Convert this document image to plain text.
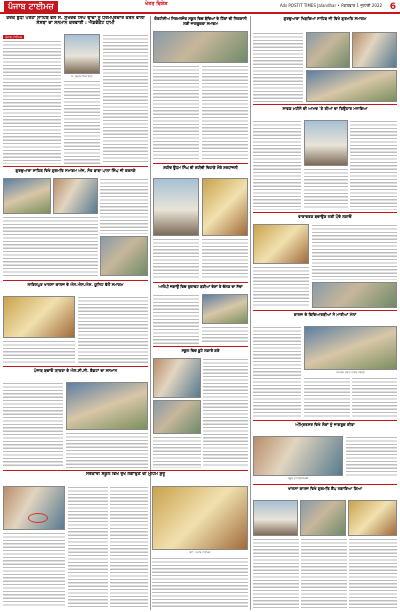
ਪੰਜਾਬ ਟਾਈਮਜ਼	ਖੇਤਰ ਵਿਸ਼ੇਸ਼	Ads POSTIT TIMES Jalandhar • ਮੰਗਲਵਾਰ 1 ਜੁਲਾਈ 2022 6
ਤਰਕ ਬੁੱਧੀ ਪਰਤਾ ਸਾਹਿਬ ਵੱਲੋਂ ਸ. ਸੁਖਦੇਵ ਸਿੰਘ ਢਾਂਚਾ ਨੂੰ ਧਰਮਪ੍ਰਚਾਰ ਕਰਨ ਵਾਲੀ ਸੰਸਥਾ ਦਾ ਸਨਮਾਨ ਕਰਵਾਈ : ਐਡਵੋਕੇਟ ਧਾਮੀ
ਪੰਜਾਬ ਟਾਈਮਜ਼
ਸ. ਸੁਖਦੇਵ ਸਿੰਘ ਢਾਂਚਾ
ਗੁਰਦੁਆਰਾ ਸਾਹਿਬ ਵਿਖੇ ਗੁਰਮਤਿ ਸਮਾਗਮ ਅੱਜ, ਸੰਤ ਬਾਬਾ ਪਾਲਾ ਸਿੰਘ ਜੀ ਕਰਨਗੇ
ਲਾਇਲਪੁਰ ਖਾਲਸਾ ਕਾਲਜ ਦੇ ਐਨ.ਐਸ.ਐਸ. ਯੂਨਿਟ ਵੱਲੋਂ ਸਮਾਗਮ
ਪੰਜਾਬ ਬਚਾਓ ਯਾਤਰਾ ਦੇ ਐਨ.ਸੀ.ਸੀ. ਕੈਡਟਾਂ ਦਾ ਸਨਮਾਨ
ਸਰਕਾਰੀ ਸਕੂਲ ਵਿਖੇ ਰੁੱਖ ਲਗਾਉਣ ਦੀ ਮੁਹਿੰਮ ਸ਼ੁਰੂ
ਕੋਰਟੀਸੀਅ ਨਿਰਮਲਜੋਤ ਸਕੂਲ ਵਿਚ ਬੱਚਿਆਂ ਦੇ ਹਿੱਤਾਂ ਦੀ ਨਿਗਰਾਨੀ ਲਈ ਜਾਗਰੂਕਤਾ ਸਮਾਗਮ
ਸ਼ਹੀਦ ਊਧਮ ਸਿੰਘ ਦੀ ਸ਼ਹੀਦੀ ਦਿਹਾੜੇ ਮੌਕੇ ਸ਼ਰਧਾਂਜਲੀ
ਆਲੋਪੀ ਜਗਾਉ ਵਿਚ ਰੁਕਾਵਟ ਬਣੀਆਂ ਦੇਸ਼ਾਂ ਤੇ ਚੱਲਣ ਦਾ ਸੱਦਾ
ਸਕੂਲ ਵਿਚ ਬੂਟੇ ਲਗਾਏ ਗਏ
ਫੋਟੋ : ਪੰਜਾਬ ਟਾਈਮਜ਼
ਗੁਰਦੁਆਰਾ ਖਿੜਕਿਆਂ ਸਾਹਿਬ ਜੀ ਵਿਖੇ ਗੁਰਮਤਿ ਸਮਾਗਮ
ਸਾਵਣ ਮਹੀਨੇ ਦੀ ਆਮਦ 'ਤੇ ਤੀਆਂ ਦਾ ਤਿਉਹਾਰ ਮਨਾਇਆ
ਵਾਤਾਵਰਣ ਬਚਾਉਣ ਲਈ ਪੌਦੇ ਲਗਾਓ
ਕਾਲਜ ਦੇ ਵਿਦਿਆਰਥੀਆਂ ਨੇ ਮਾਰੀਆਂ ਮੱਲਾਂ
ਸਮਾਗਮ ਦੌਰਾਨ ਹਾਜ਼ਰ ਪਤਵੰਤੇ
ਅੰਮ੍ਰਿਤਸਰ ਵਿਖੇ ਲੋਕਾਂ ਨੂੰ ਜਾਗਰੂਕ ਕੀਤਾ
ਸਕੂਲ ਦੇ ਵਿਦਿਆਰਥੀ
ਖਾਲਸਾ ਕਾਲਜ ਵਿਖੇ ਗੁਰਮਤਿ ਕੈਂਪ ਲਗਾਇਆ ਗਿਆ
